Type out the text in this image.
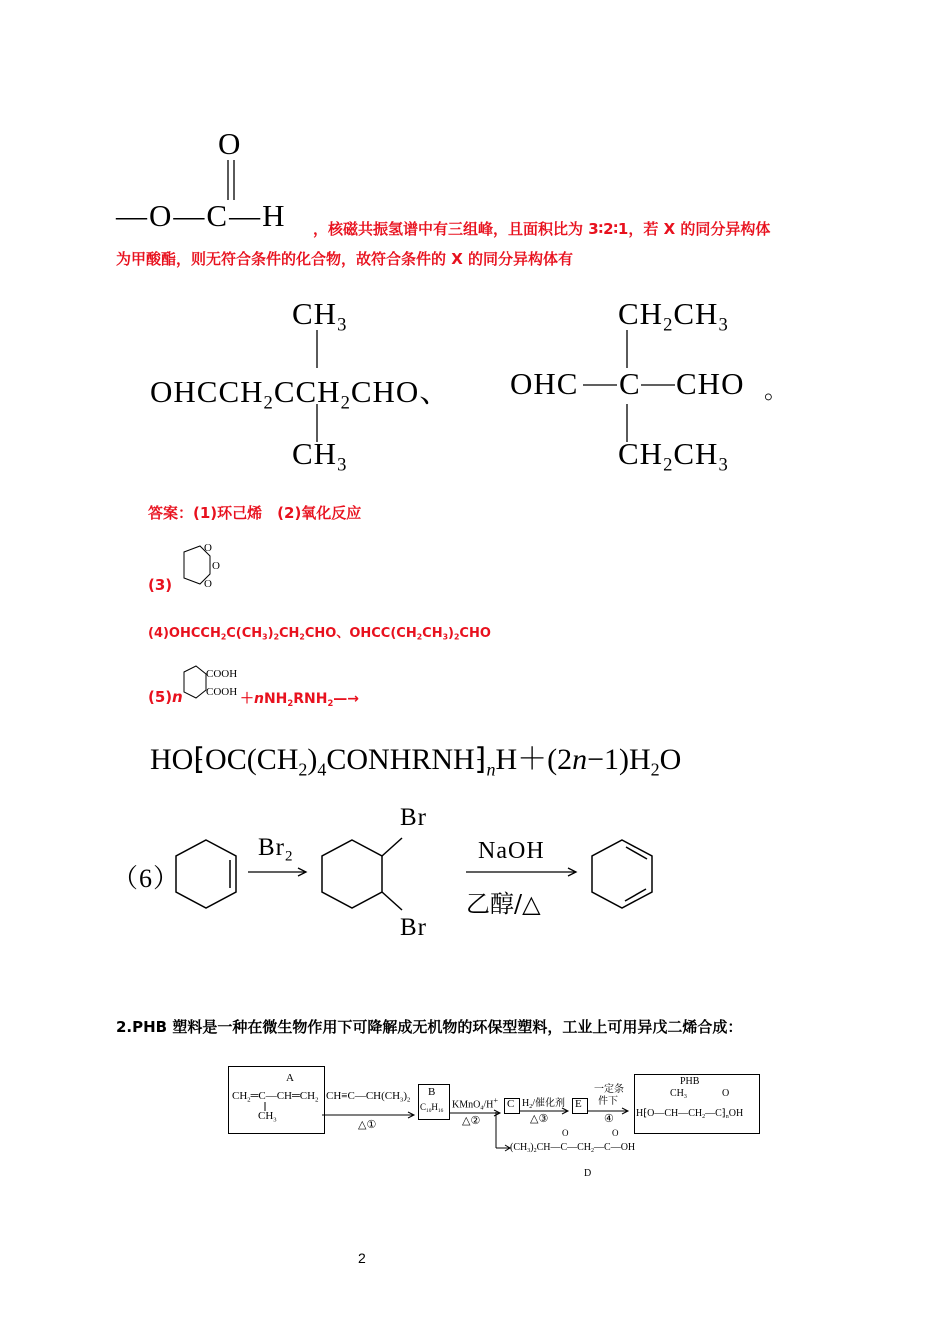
O
—O—C—H ，核磁共振氢谱中有三组峰，且面积比为 3∶2∶1，若 X 的同分异构体
为甲酸酯，则无符合条件的化合物，故符合条件的 X 的同分异构体有
$CH_3$
$OHCCH_2CCH_2CHO$、
$CH_3$
$CH_2CH_3$
OHC C CHO 。
$CH_2CH_3$
答案：(1)环己烯　(2)氧化反应
(3)
O
O
O
$(4)OHCCH_2C(CH_3)_2CH_2CHO$、$OHCC(CH_2CH_3)_2CHO$
(5) n
COOH
COOH $+nNH_2RNH_2—\to$
$HO⁅OC(CH_2)_4CONHRNH⁆_nH+(2n-1)H_2O$
（6）
$Br_2$
Br
Br
NaOH
乙醇/△
2.PHB 塑料是一种在微生物作用下可降解成无机物的环保型塑料，工业上可用异戊二烯合成：
A
$CH_2═C—CH═CH_2$
$CH_3$
$CH\equiv C—CH(CH_3)_2$
△①
B
$C_{10}H_{16}$
KMnO$_4$/H+
△②
C $H_2/$催化剂
△③
E
一定条
件下
④
PHB
$CH_3$	O
$H⁅O—CH—CH_2—C⁆_nOH$
O	O
$(CH_3)_2CH—C—CH_2—C—OH$
D
2
